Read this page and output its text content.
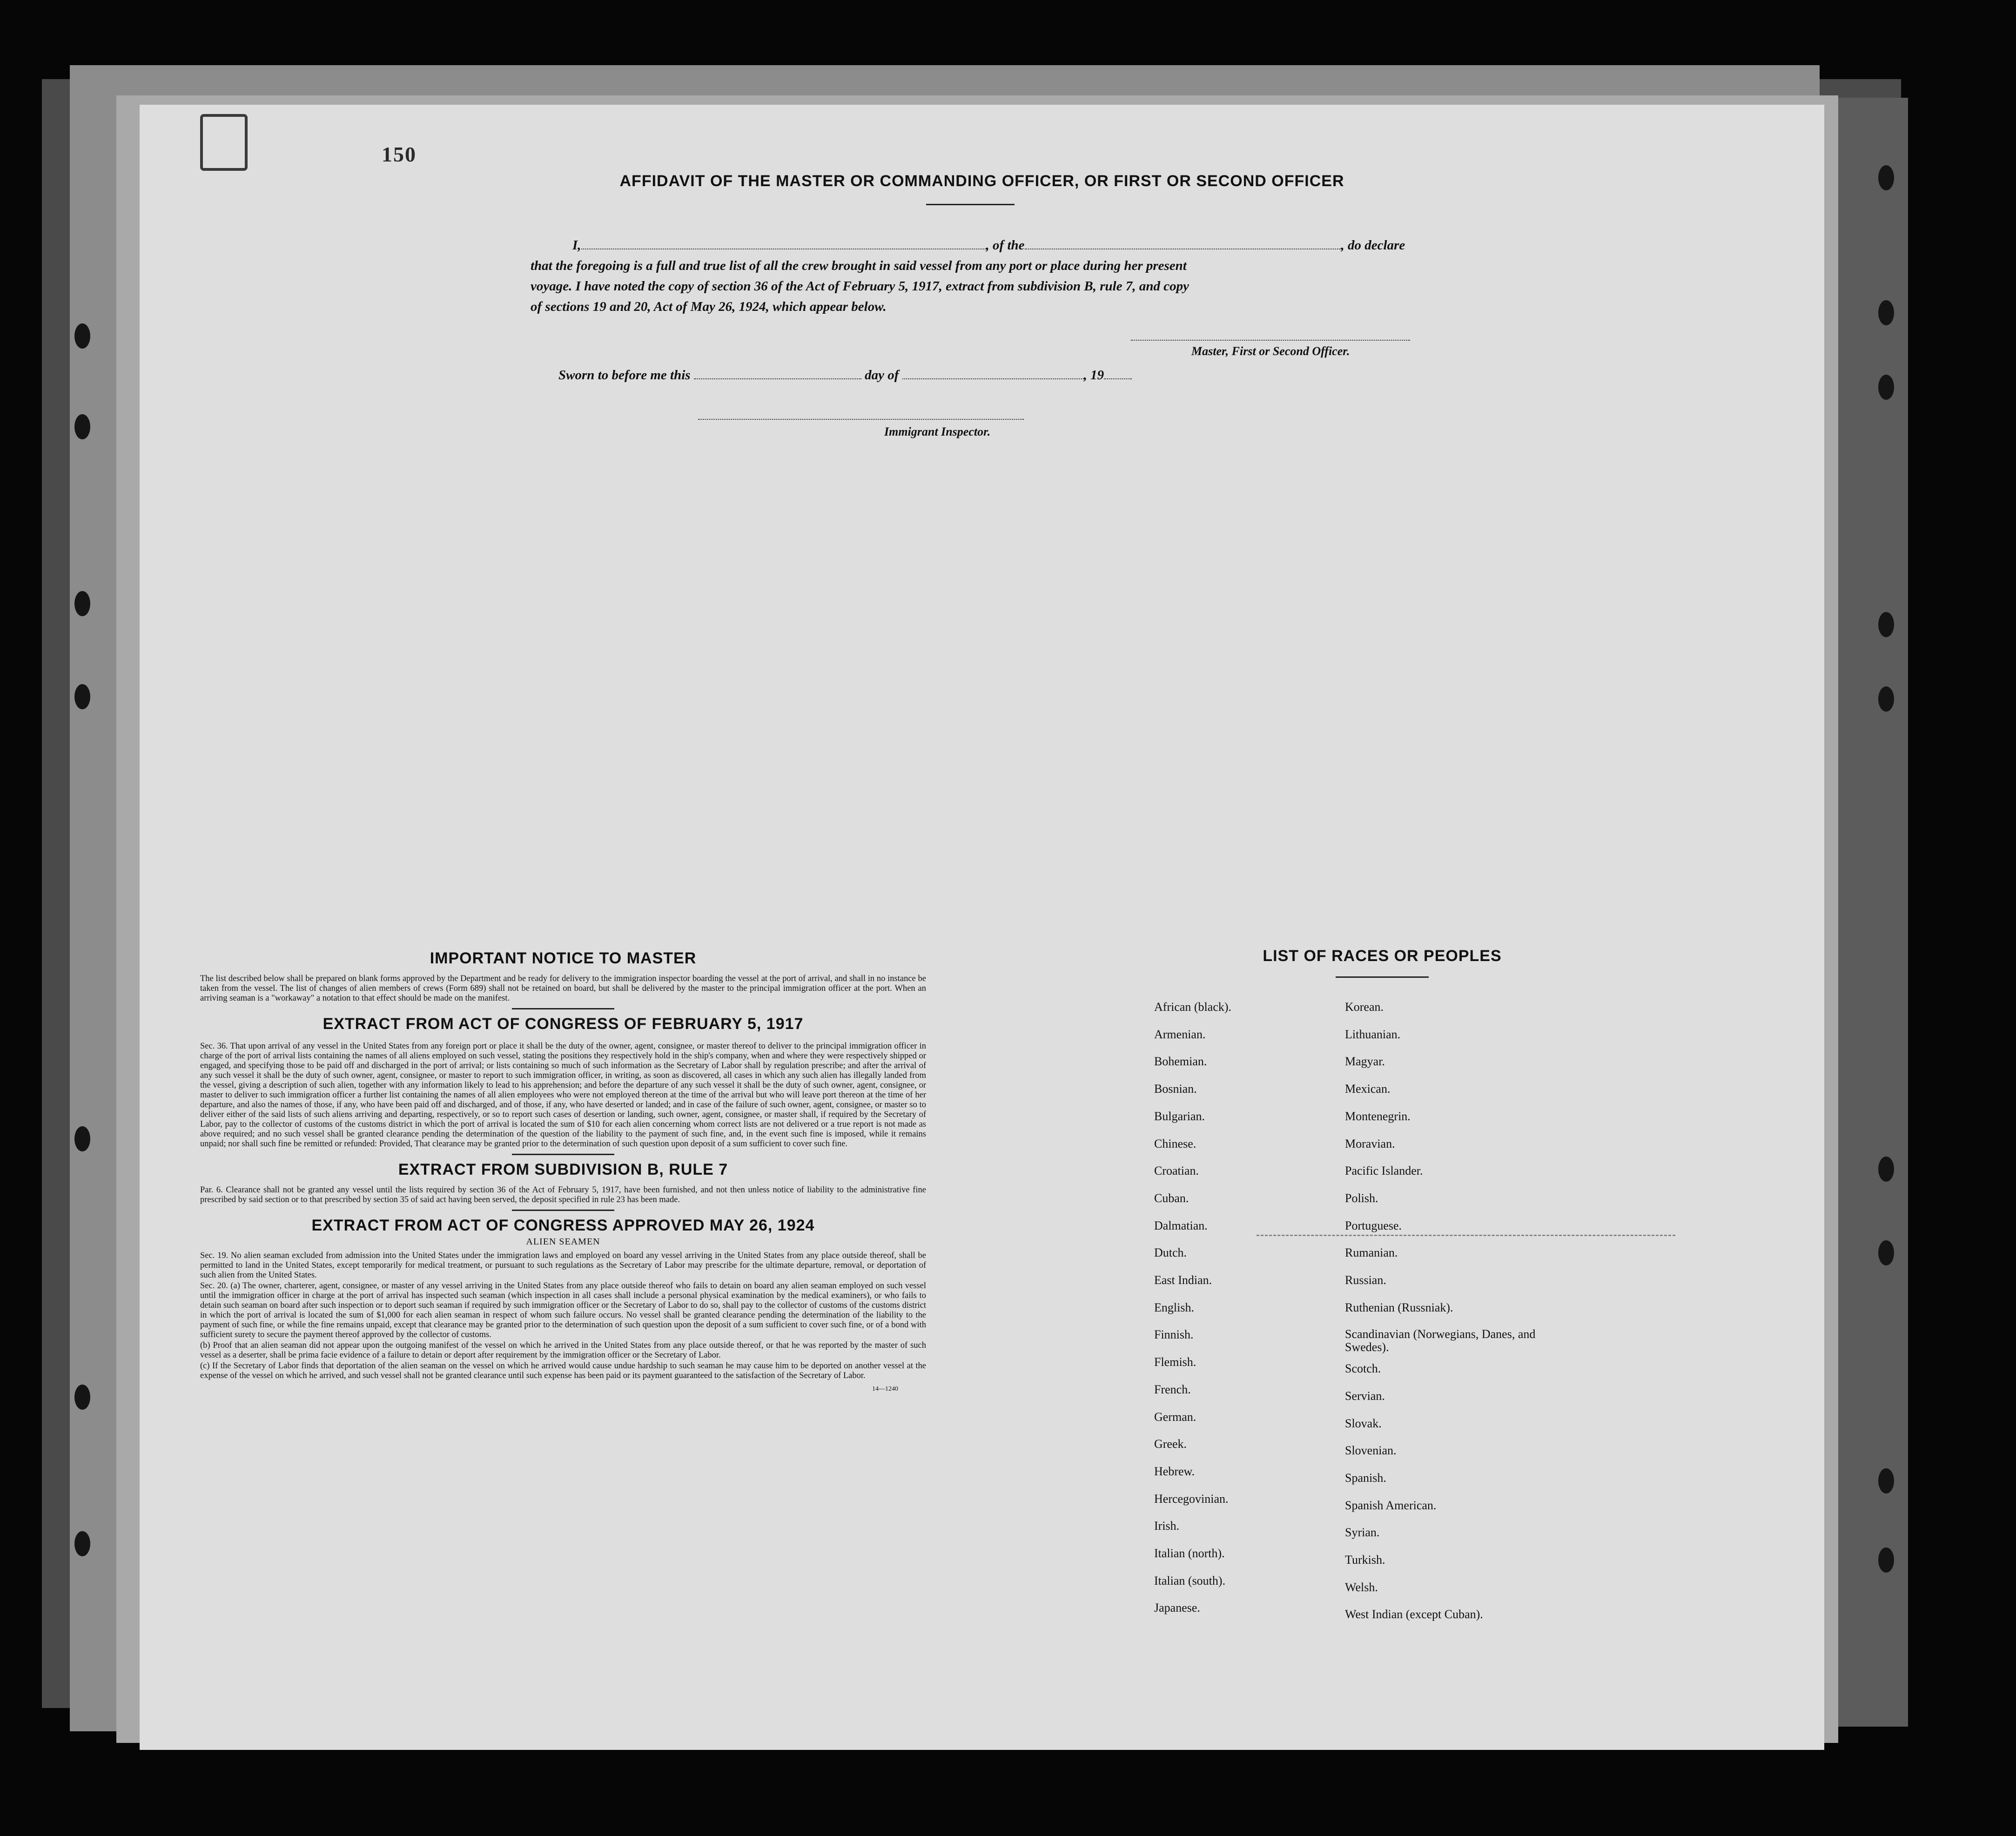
150
AFFIDAVIT OF THE MASTER OR COMMANDING OFFICER, OR FIRST OR SECOND OFFICER
I,	, of the	, do declare
that the foregoing is a full and true list of all the crew brought in said vessel from any port or place during her present
voyage. I have noted the copy of section 36 of the Act of February 5, 1917, extract from subdivision B, rule 7, and copy
of sections 19 and 20, Act of May 26, 1924, which appear below.
Master, First or Second Officer.
Sworn to before me this	day of	, 19
Immigrant Inspector.
IMPORTANT NOTICE TO MASTER

The list described below shall be prepared on blank forms approved by the Department and be ready for delivery to the immigration inspector boarding the vessel at the port of arrival, and shall in no instance be taken from the vessel. The list of changes of alien members of crews (Form 689) shall not be retained on board, but shall be delivered by the master to the principal immigration officer at the port. When an arriving seaman is a "workaway" a notation to that effect should be made on the manifest.

EXTRACT FROM ACT OF CONGRESS OF FEBRUARY 5, 1917

Sec. 36. That upon arrival of any vessel in the United States from any foreign port or place it shall be the duty of the owner, agent, consignee, or master thereof to deliver to the principal immigration officer in charge of the port of arrival lists containing the names of all aliens employed on such vessel, stating the positions they respectively hold in the ship's company, when and where they were respectively shipped or engaged, and specifying those to be paid off and discharged in the port of arrival; or lists containing so much of such information as the Secretary of Labor shall by regulation prescribe; and after the arrival of any such vessel it shall be the duty of such owner, agent, consignee, or master to report to such immigration officer, in writing, as soon as discovered, all cases in which any such alien has illegally landed from the vessel, giving a description of such alien, together with any information likely to lead to his apprehension; and before the departure of any such vessel it shall be the duty of such owner, agent, consignee, or master to deliver to such immigration officer a further list containing the names of all alien employees who were not employed thereon at the time of the arrival but who will leave port thereon at the time of her departure, and also the names of those, if any, who have been paid off and discharged, and of those, if any, who have deserted or landed; and in case of the failure of such owner, agent, consignee, or master so to deliver either of the said lists of such aliens arriving and departing, respectively, or so to report such cases of desertion or landing, such owner, agent, consignee, or master shall, if required by the Secretary of Labor, pay to the collector of customs of the customs district in which the port of arrival is located the sum of $10 for each alien concerning whom correct lists are not delivered or a true report is not made as above required; and no such vessel shall be granted clearance pending the determination of the question of the liability to the payment of such fine, and, in the event such fine is imposed, while it remains unpaid; nor shall such fine be remitted or refunded: Provided, That clearance may be granted prior to the determination of such question upon deposit of a sum sufficient to cover such fine.

EXTRACT FROM SUBDIVISION B, RULE 7

Par. 6. Clearance shall not be granted any vessel until the lists required by section 36 of the Act of February 5, 1917, have been furnished, and not then unless notice of liability to the administrative fine prescribed by said section or to that prescribed by section 35 of said act having been served, the deposit specified in rule 23 has been made.

EXTRACT FROM ACT OF CONGRESS APPROVED MAY 26, 1924
ALIEN SEAMEN

Sec. 19. No alien seaman excluded from admission into the United States under the immigration laws and employed on board any vessel arriving in the United States from any place outside thereof, shall be permitted to land in the United States, except temporarily for medical treatment, or pursuant to such regulations as the Secretary of Labor may prescribe for the ultimate departure, removal, or deportation of such alien from the United States.

Sec. 20. (a) The owner, charterer, agent, consignee, or master of any vessel arriving in the United States from any place outside thereof who fails to detain on board any alien seaman employed on such vessel until the immigration officer in charge at the port of arrival has inspected such seaman (which inspection in all cases shall include a personal physical examination by the medical examiners), or who fails to detain such seaman on board after such inspection or to deport such seaman if required by such immigration officer or the Secretary of Labor to do so, shall pay to the collector of customs of the customs district in which the port of arrival is located the sum of $1,000 for each alien seaman in respect of whom such failure occurs. No vessel shall be granted clearance pending the determination of the liability to the payment of such fine, or while the fine remains unpaid, except that clearance may be granted prior to the determination of such question upon the deposit of a sum sufficient to cover such fine, or of a bond with sufficient surety to secure the payment thereof approved by the collector of customs.

(b) Proof that an alien seaman did not appear upon the outgoing manifest of the vessel on which he arrived in the United States from any place outside thereof, or that he was reported by the master of such vessel as a deserter, shall be prima facie evidence of a failure to detain or deport after requirement by the immigration officer or the Secretary of Labor.

(c) If the Secretary of Labor finds that deportation of the alien seaman on the vessel on which he arrived would cause undue hardship to such seaman he may cause him to be deported on another vessel at the expense of the vessel on which he arrived, and such vessel shall not be granted clearance until such expense has been paid or its payment guaranteed to the satisfaction of the Secretary of Labor.

14—1240
LIST OF RACES OR PEOPLES
African (black).
Armenian.
Bohemian.
Bosnian.
Bulgarian.
Chinese.
Croatian.
Cuban.
Dalmatian.
Dutch.
East Indian.
English.
Finnish.
Flemish.
French.
German.
Greek.
Hebrew.
Hercegovinian.
Irish.
Italian (north).
Italian (south).
Japanese.
Korean.
Lithuanian.
Magyar.
Mexican.
Montenegrin.
Moravian.
Pacific Islander.
Polish.
Portuguese.
Rumanian.
Russian.
Ruthenian (Russniak).
Scandinavian (Norwegians, Danes, and Swedes).
Scotch.
Servian.
Slovak.
Slovenian.
Spanish.
Spanish American.
Syrian.
Turkish.
Welsh.
West Indian (except Cuban).
